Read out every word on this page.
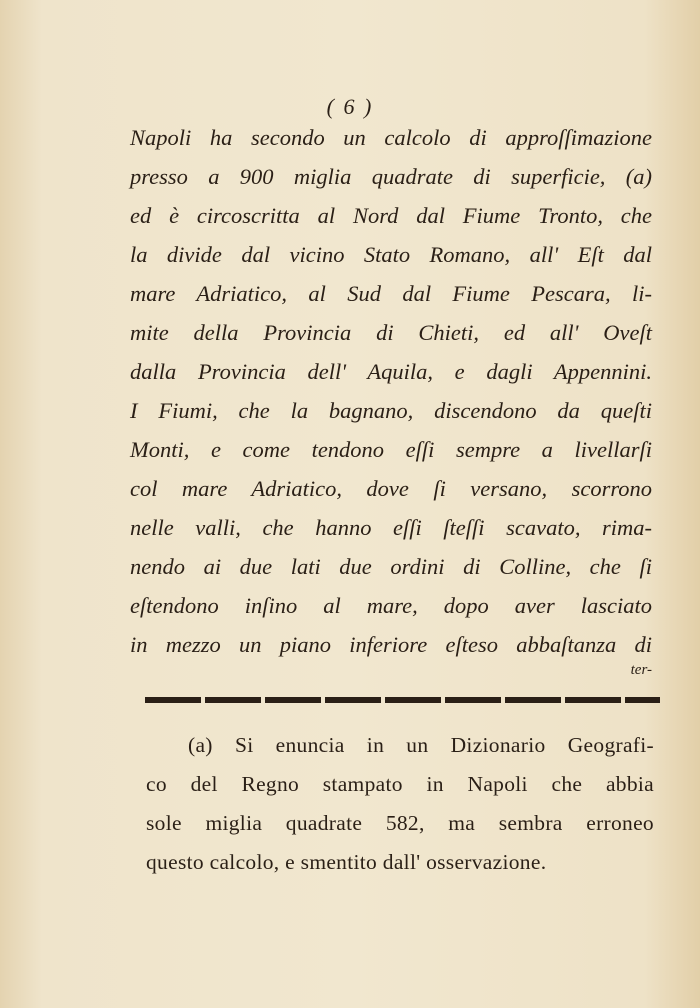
( 6 )
Napoli ha secondo un calcolo di approſſimazione
presso a 900 miglia quadrate di superficie, (a)
ed è circoscritta al Nord dal Fiume Tronto, che
la divide dal vicino Stato Romano, all' Eſt dal
mare Adriatico, al Sud dal Fiume Pescara, li-
mite della Provincia di Chieti, ed all' Oveſt
dalla Provincia dell' Aquila, e dagli Appennini.
I Fiumi, che la bagnano, discendono da queſti
Monti, e come tendono eſſi sempre a livellarſi
col mare Adriatico, dove ſi versano, scorrono
nelle valli, che hanno eſſi ſteſſi scavato, rima-
nendo ai due lati due ordini di Colline, che ſi
eſtendono inſino al mare, dopo aver lasciato
in mezzo un piano inferiore eſteso abbaſtanza di
ter-
(a) Si enuncia in un Dizionario Geografi-
co del Regno stampato in Napoli che abbia
sole miglia quadrate 582, ma sembra erroneo
questo calcolo, e smentito dall' osservazione.
